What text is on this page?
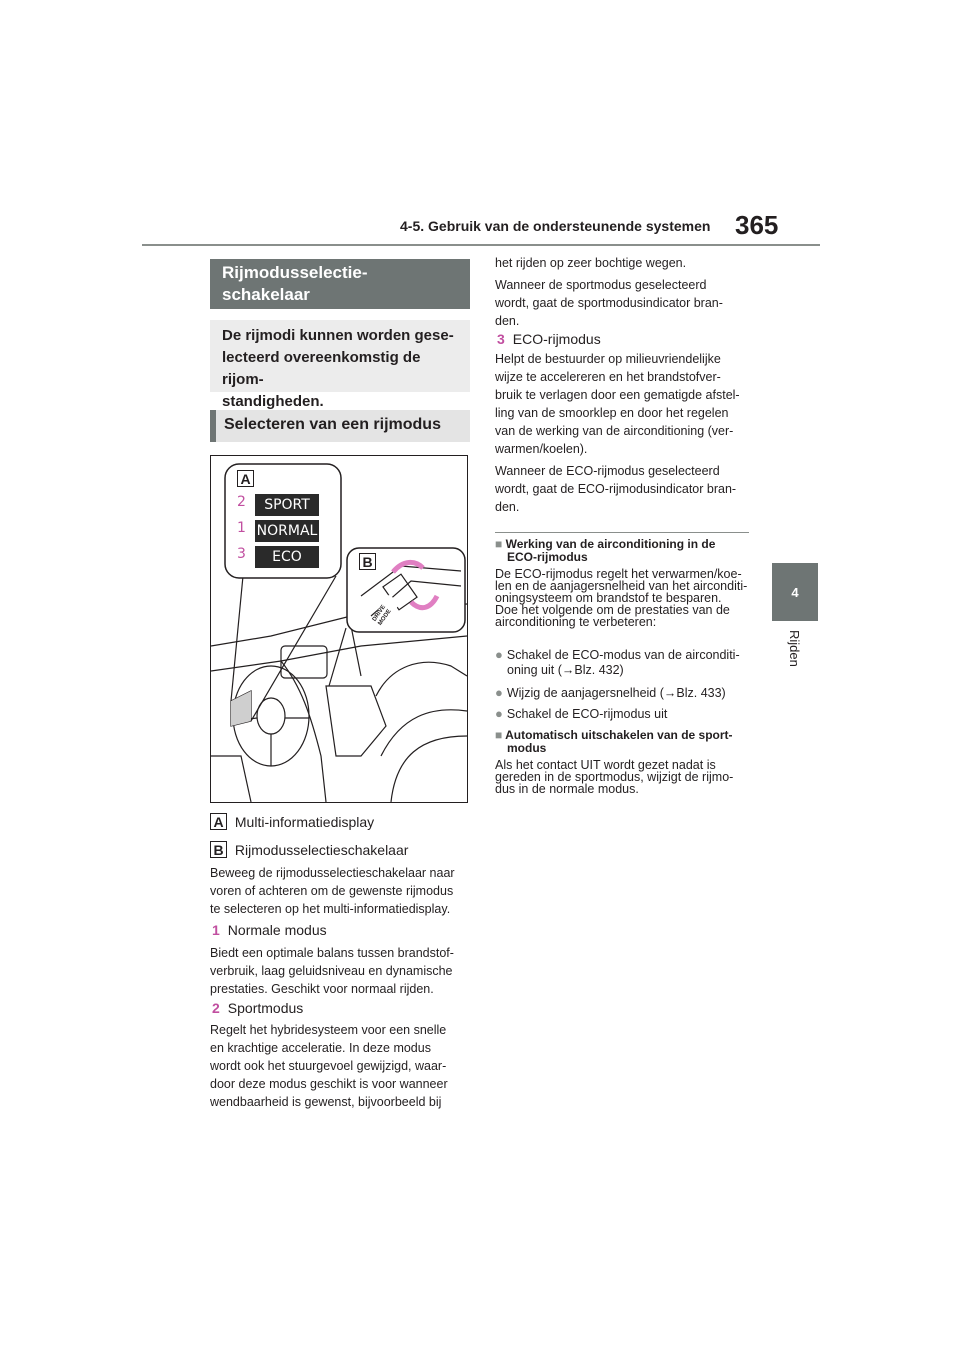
4-5. Gebruik van de ondersteunende systemen 365
4
Rijden
Rijmodusselectie-
schakelaar
De rijmodi kunnen worden gese-
lecteerd overeenkomstig de rijom-
standigheden.
Selecteren van een rijmodus
A
B
DRIVE MODE
2	SPORT
1 NORMAL
3	ECO
A Multi-informatiedisplay
B Rijmodusselectieschakelaar

Beweeg de rijmodusselectieschakelaar naar

voren of achteren om de gewenste rijmodus

te selecteren op het multi-informatiedisplay.

1 Normale modus

Biedt een optimale balans tussen brandstof-

verbruik, laag geluidsniveau en dynamische

prestaties. Geschikt voor normaal rijden.

2 Sportmodus

Regelt het hybridesysteem voor een snelle

en krachtige acceleratie. In deze modus

wordt ook het stuurgevoel gewijzigd, waar-

door deze modus geschikt is voor wanneer

wendbaarheid is gewenst, bijvoorbeeld bij

het rijden op zeer bochtige wegen.

Wanneer de sportmodus geselecteerd

wordt, gaat de sportmodusindicator bran-

den.

3 ECO-rijmodus

Helpt de bestuurder op milieuvriendelijke

wijze te accelereren en het brandstofver-

bruik te verlagen door een gematigde afstel-

ling van de smoorklep en door het regelen

van de werking van de airconditioning (ver-

warmen/koelen).

Wanneer de ECO-rijmodus geselecteerd

wordt, gaat de ECO-rijmodusindicator bran-

den.

■ Werking van de airconditioning in de
ECO-rijmodus

De ECO-rijmodus regelt het verwarmen/koe-

len en de aanjagersnelheid van het airconditi-

oningsysteem om brandstof te besparen.

Doe het volgende om de prestaties van de

airconditioning te verbeteren:

● Schakel de ECO-modus van de airconditi-
oning uit (→Blz. 432)
● Wijzig de aanjagersnelheid (→Blz. 433)
● Schakel de ECO-rijmodus uit
■ Automatisch uitschakelen van de sport-
modus

Als het contact UIT wordt gezet nadat is

gereden in de sportmodus, wijzigt de rijmo-

dus in de normale modus.
